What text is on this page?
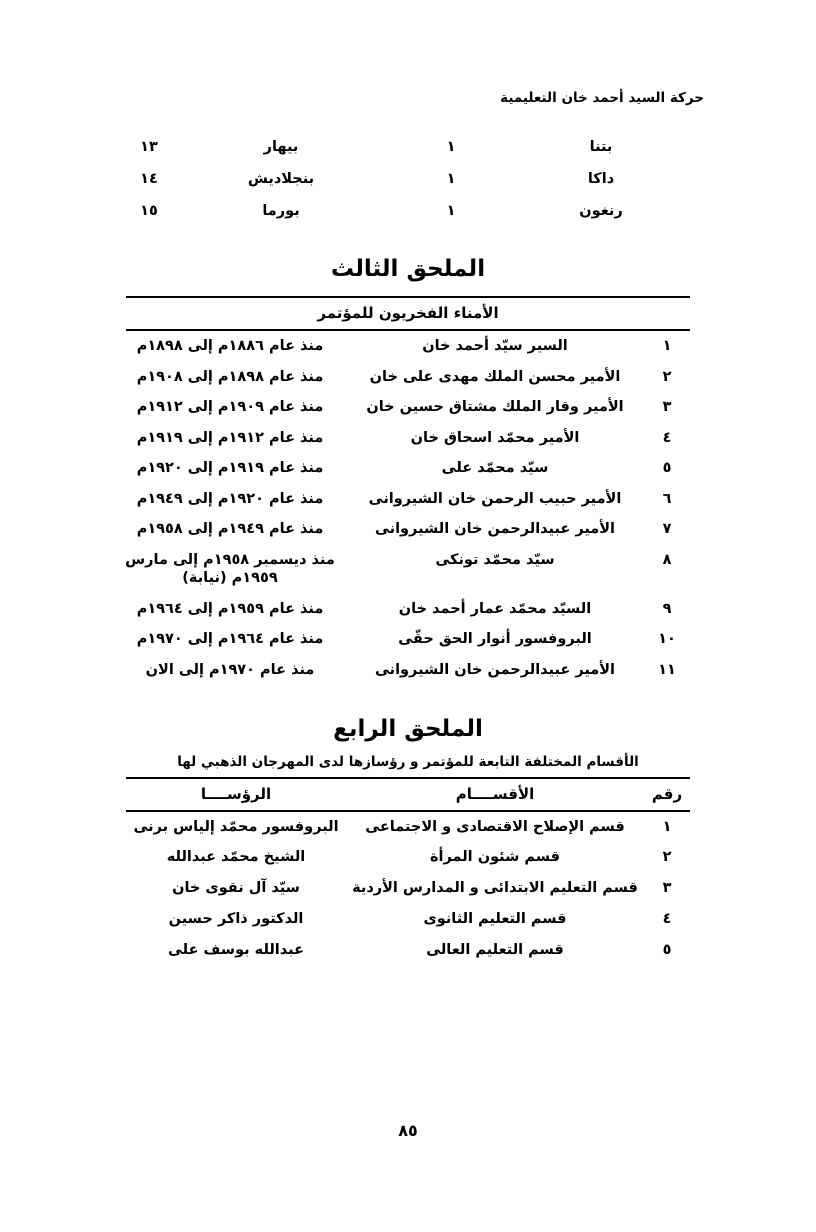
حركة السيد أحمد خان التعليمية
	بتنا	١	بيهار	١٣
	داكا	١	بنجلاديش	١٤
	رنغون	١	بورما	١٥
الملحق الثالث
الأمناء الفخريون للمؤتمر
١	السير سيّد أحمد خان	منذ عام ١٨٨٦م إلى ١٨٩٨م
٢	الأمير محسن الملك مهدى على خان	منذ عام ١٨٩٨م إلى ١٩٠٨م
٣	الأمير وقار الملك مشتاق حسين خان	منذ عام ١٩٠٩م إلى ١٩١٢م
٤	الأمير محمّد اسحاق خان	منذ عام ١٩١٢م إلى ١٩١٩م
٥	سيّد محمّد على	منذ عام ١٩١٩م إلى ١٩٢٠م
٦	الأمير حبيب الرحمن خان الشيروانى	منذ عام ١٩٢٠م إلى ١٩٤٩م
٧	الأمير عبيدالرحمن خان الشيروانى	منذ عام ١٩٤٩م إلى ١٩٥٨م
٨	سيّد محمّد تونكى	منذ ديسمبر ١٩٥٨م إلى مارس ١٩٥٩م (نيابة)
٩	السيّد محمّد عمار أحمد خان	منذ عام ١٩٥٩م إلى ١٩٦٤م
١٠	البروفسور أنوار الحق حقّى	منذ عام ١٩٦٤م إلى ١٩٧٠م
١١	الأمير عبيدالرحمن خان الشيروانى	منذ عام ١٩٧٠م إلى الان
الملحق الرابع
الأقسام المختلفة التابعة للمؤتمر و رؤسازها لدى المهرجان الذهبي لها
رقم	الأقســــام	الرؤســــا
١	قسم الإصلاح الاقتصادى و الاجتماعى	البروفسور محمّد إلياس برنى
٢	قسم شئون المرأة	الشيخ محمّد عبدالله
٣	قسم التعليم الابتدائى و المدارس الأردية	سيّد آل نقوى خان
٤	قسم التعليم الثانوى	الدكتور ذاكر حسين
٥	قسم التعليم العالى	عبدالله بوسف على
٨٥
